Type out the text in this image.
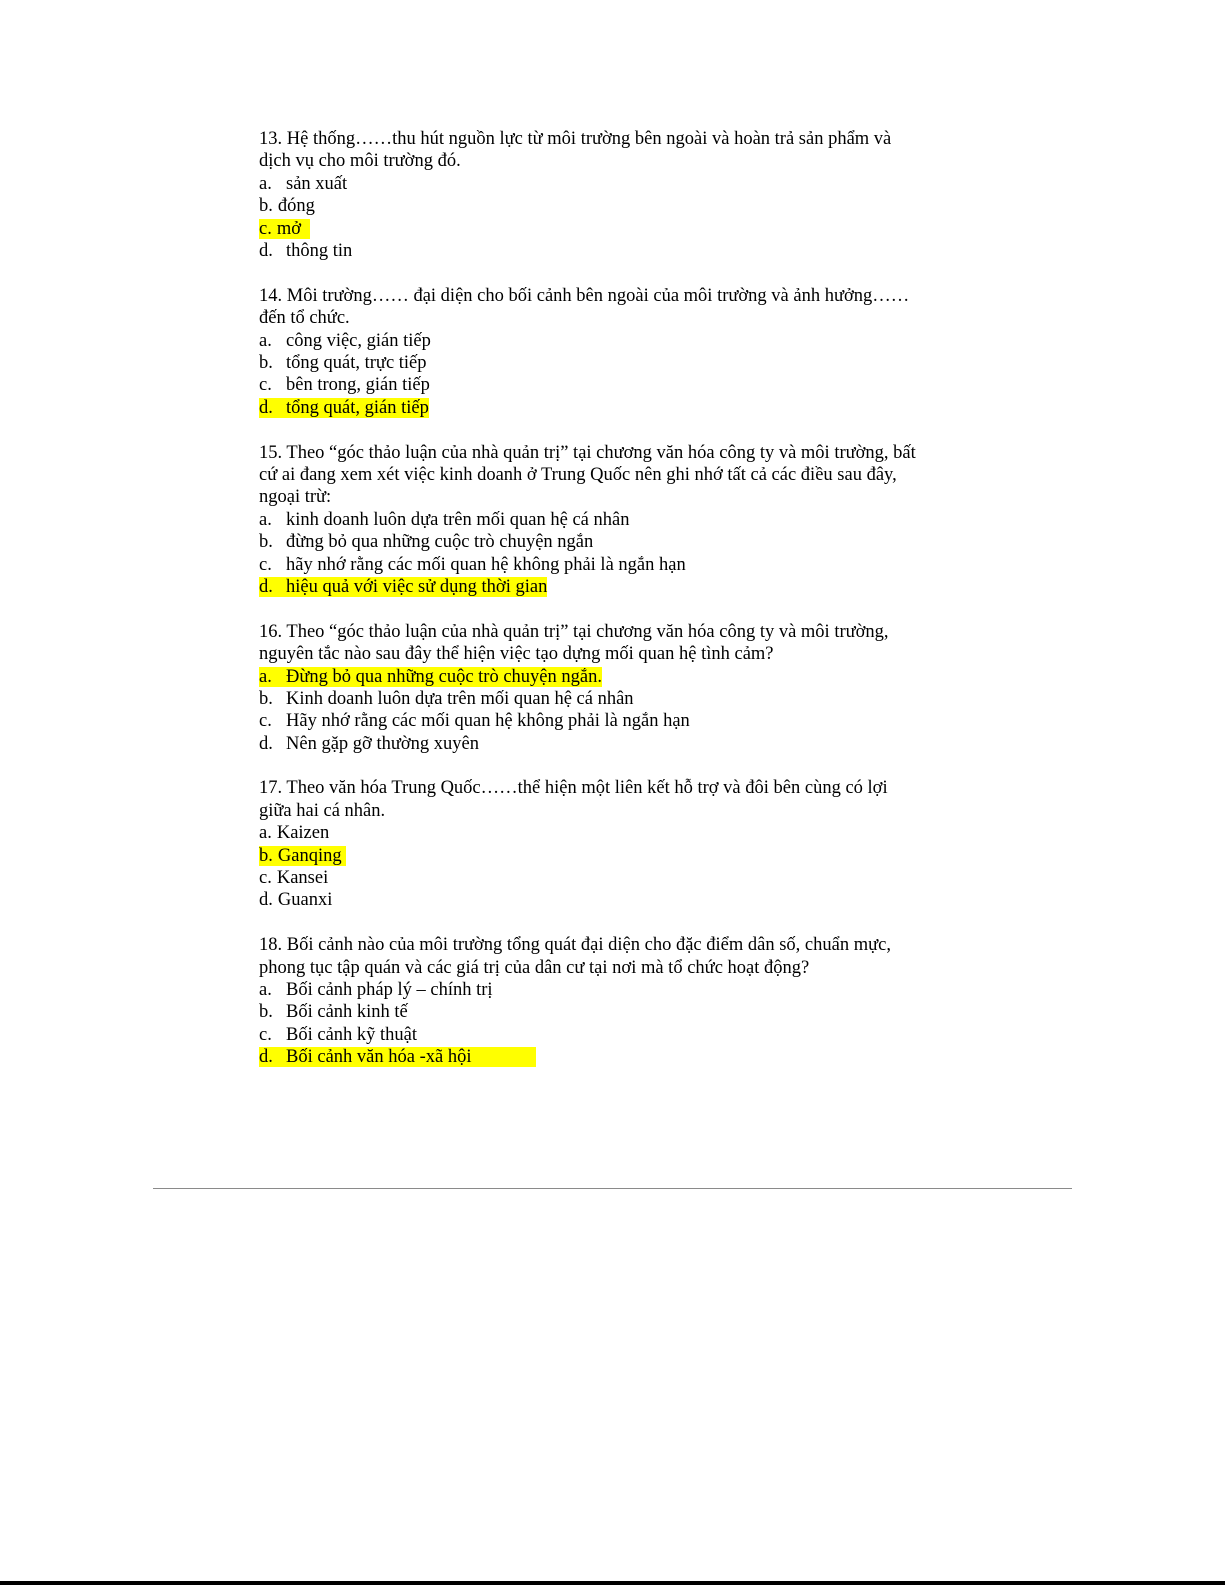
13. Hệ thống……thu hút nguồn lực từ môi trường bên ngoài và hoàn trả sản phẩm và
dịch vụ cho môi trường đó.
a. sản xuất
b. đóng
c. mở
d. thông tin
14. Môi trường…… đại diện cho bối cảnh bên ngoài của môi trường và ảnh hưởng……
đến tổ chức.
a. công việc, gián tiếp
b. tổng quát, trực tiếp
c. bên trong, gián tiếp
d. tổng quát, gián tiếp
15. Theo “góc thảo luận của nhà quản trị” tại chương văn hóa công ty và môi trường, bất
cứ ai đang xem xét việc kinh doanh ở Trung Quốc nên ghi nhớ tất cả các điều sau đây,
ngoại trừ:
a. kinh doanh luôn dựa trên mối quan hệ cá nhân
b. đừng bỏ qua những cuộc trò chuyện ngắn
c. hãy nhớ rằng các mối quan hệ không phải là ngắn hạn
d. hiệu quả với việc sử dụng thời gian
16. Theo “góc thảo luận của nhà quản trị” tại chương văn hóa công ty và môi trường,
nguyên tắc nào sau đây thể hiện việc tạo dựng mối quan hệ tình cảm?
a. Đừng bỏ qua những cuộc trò chuyện ngắn.
b. Kinh doanh luôn dựa trên mối quan hệ cá nhân
c. Hãy nhớ rằng các mối quan hệ không phải là ngắn hạn
d. Nên gặp gỡ thường xuyên
17. Theo văn hóa Trung Quốc……thể hiện một liên kết hỗ trợ và đôi bên cùng có lợi
giữa hai cá nhân.
a. Kaizen
b. Ganqing
c. Kansei
d. Guanxi
18. Bối cảnh nào của môi trường tổng quát đại diện cho đặc điểm dân số, chuẩn mực,
phong tục tập quán và các giá trị của dân cư tại nơi mà tổ chức hoạt động?
a. Bối cảnh pháp lý – chính trị
b. Bối cảnh kinh tế
c. Bối cảnh kỹ thuật
d. Bối cảnh văn hóa -xã hội
